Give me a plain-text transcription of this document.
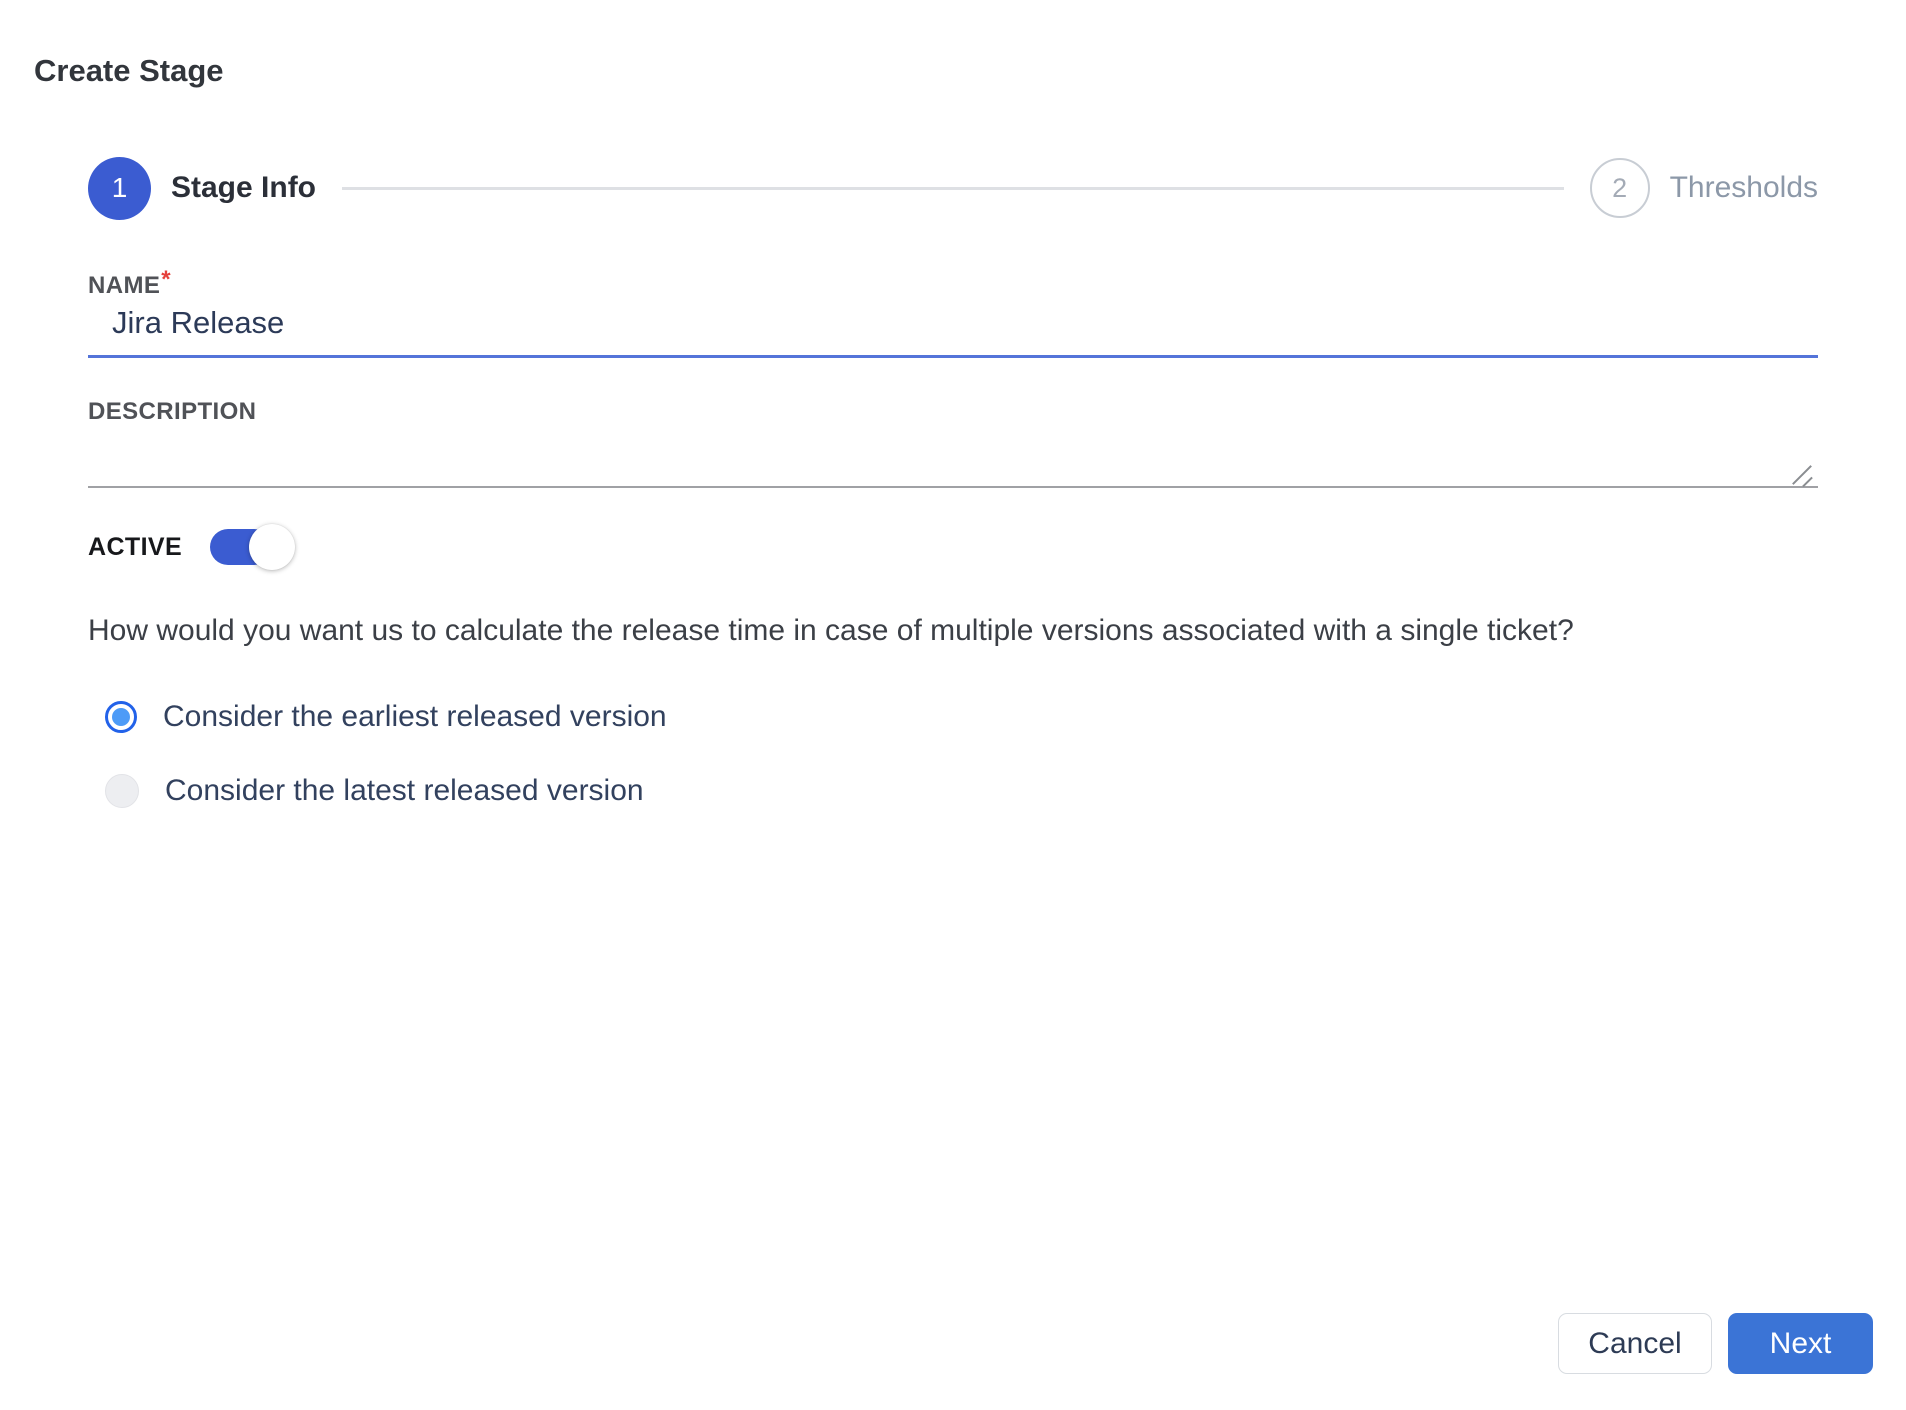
Create Stage
1 Stage Info	2 Thresholds
NAME*
Jira Release
DESCRIPTION
ACTIVE
How would you want us to calculate the release time in case of multiple versions associated with a single ticket?
Consider the earliest released version
Consider the latest released version
Cancel	Next
